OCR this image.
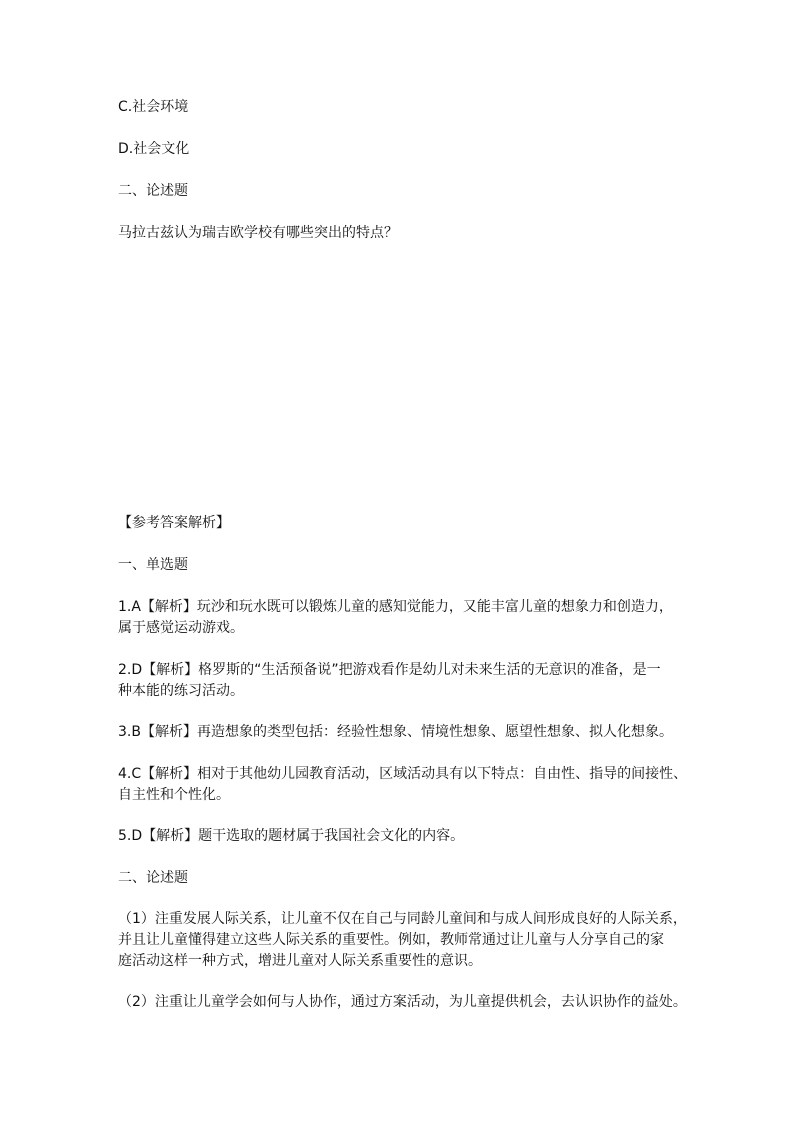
C.社会环境

D.社会文化

二、论述题

马拉古兹认为瑞吉欧学校有哪些突出的特点？

【参考答案解析】

一、单选题

1.A【解析】玩沙和玩水既可以锻炼儿童的感知觉能力，又能丰富儿童的想象力和创造力，
属于感觉运动游戏。
2.D【解析】格罗斯的“生活预备说”把游戏看作是幼儿对未来生活的无意识的准备，是一
种本能的练习活动。
3.B【解析】再造想象的类型包括：经验性想象、情境性想象、愿望性想象、拟人化想象。
4.C【解析】相对于其他幼儿园教育活动，区域活动具有以下特点：自由性、指导的间接性、
自主性和个性化。
5.D【解析】题干选取的题材属于我国社会文化的内容。

二、论述题

（1）注重发展人际关系，让儿童不仅在自己与同龄儿童间和与成人间形成良好的人际关系，
并且让儿童懂得建立这些人际关系的重要性。例如，教师常通过让儿童与人分享自己的家
庭活动这样一种方式，增进儿童对人际关系重要性的意识。
（2）注重让儿童学会如何与人协作，通过方案活动，为儿童提供机会，去认识协作的益处。
